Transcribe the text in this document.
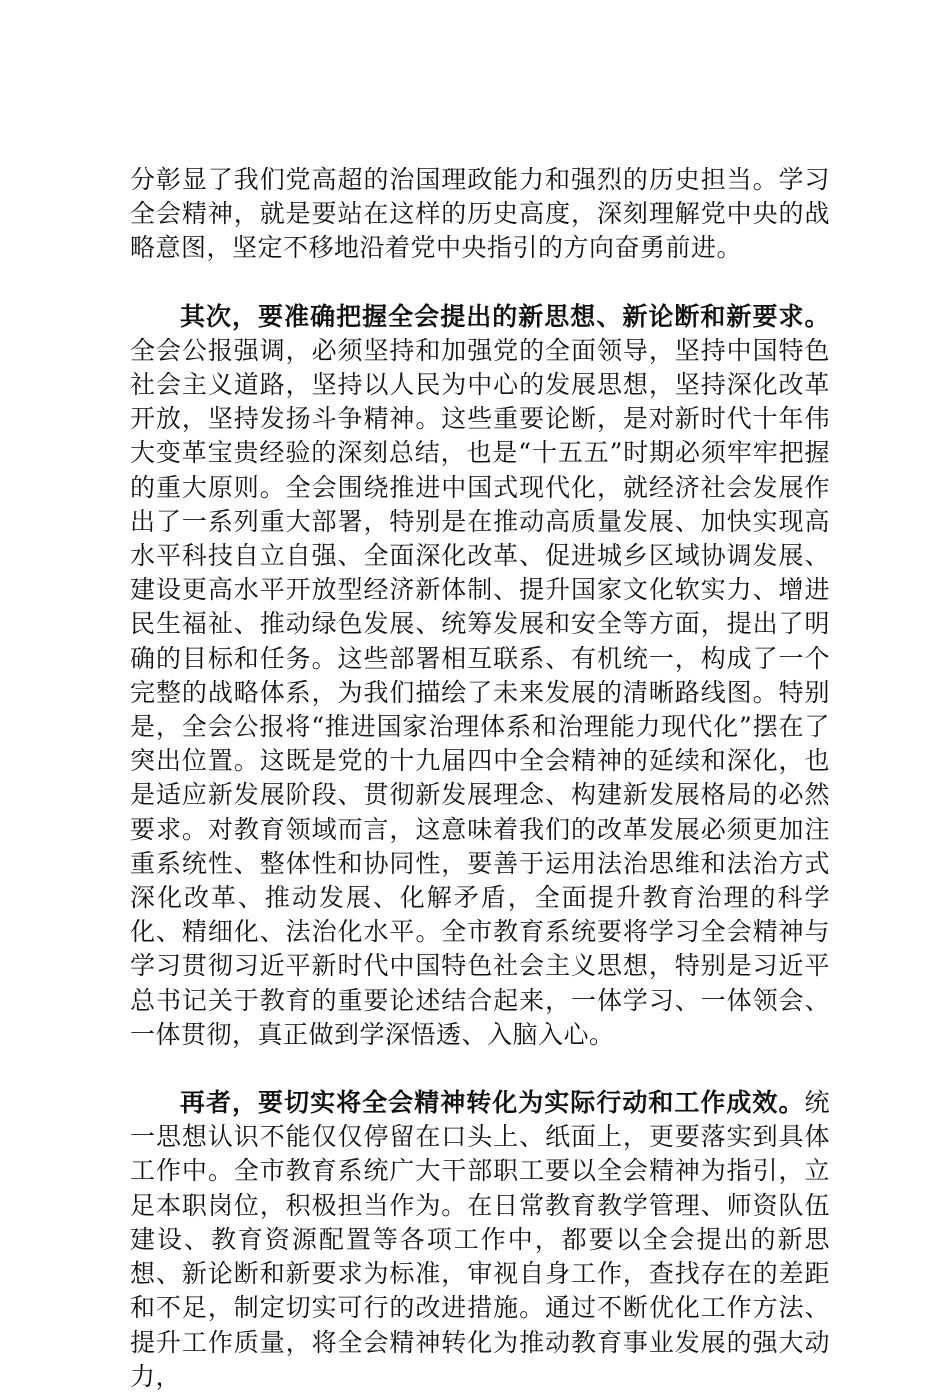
分彰显了我们党高超的治国理政能力和强烈的历史担当。学习全会精神，就是要站在这样的历史高度，深刻理解党中央的战略意图，坚定不移地沿着党中央指引的方向奋勇前进。

其次，要准确把握全会提出的新思想、新论断和新要求。全会公报强调，必须坚持和加强党的全面领导，坚持中国特色社会主义道路，坚持以人民为中心的发展思想，坚持深化改革开放，坚持发扬斗争精神。这些重要论断，是对新时代十年伟大变革宝贵经验的深刻总结，也是“十五五”时期必须牢牢把握的重大原则。全会围绕推进中国式现代化，就经济社会发展作出了一系列重大部署，特别是在推动高质量发展、加快实现高水平科技自立自强、全面深化改革、促进城乡区域协调发展、建设更高水平开放型经济新体制、提升国家文化软实力、增进民生福祉、推动绿色发展、统筹发展和安全等方面，提出了明确的目标和任务。这些部署相互联系、有机统一，构成了一个完整的战略体系，为我们描绘了未来发展的清晰路线图。特别是，全会公报将“推进国家治理体系和治理能力现代化”摆在了突出位置。这既是党的十九届四中全会精神的延续和深化，也是适应新发展阶段、贯彻新发展理念、构建新发展格局的必然要求。对教育领域而言，这意味着我们的改革发展必须更加注重系统性、整体性和协同性，要善于运用法治思维和法治方式深化改革、推动发展、化解矛盾，全面提升教育治理的科学化、精细化、法治化水平。全市教育系统要将学习全会精神与学习贯彻习近平新时代中国特色社会主义思想，特别是习近平总书记关于教育的重要论述结合起来，一体学习、一体领会、一体贯彻，真正做到学深悟透、入脑入心。

再者，要切实将全会精神转化为实际行动和工作成效。统一思想认识不能仅仅停留在口头上、纸面上，更要落实到具体工作中。全市教育系统广大干部职工要以全会精神为指引，立足本职岗位，积极担当作为。在日常教育教学管理、师资队伍建设、教育资源配置等各项工作中，都要以全会提出的新思想、新论断和新要求为标准，审视自身工作，查找存在的差距和不足，制定切实可行的改进措施。通过不断优化工作方法、提升工作质量，将全会精神转化为推动教育事业发展的强大动力，
